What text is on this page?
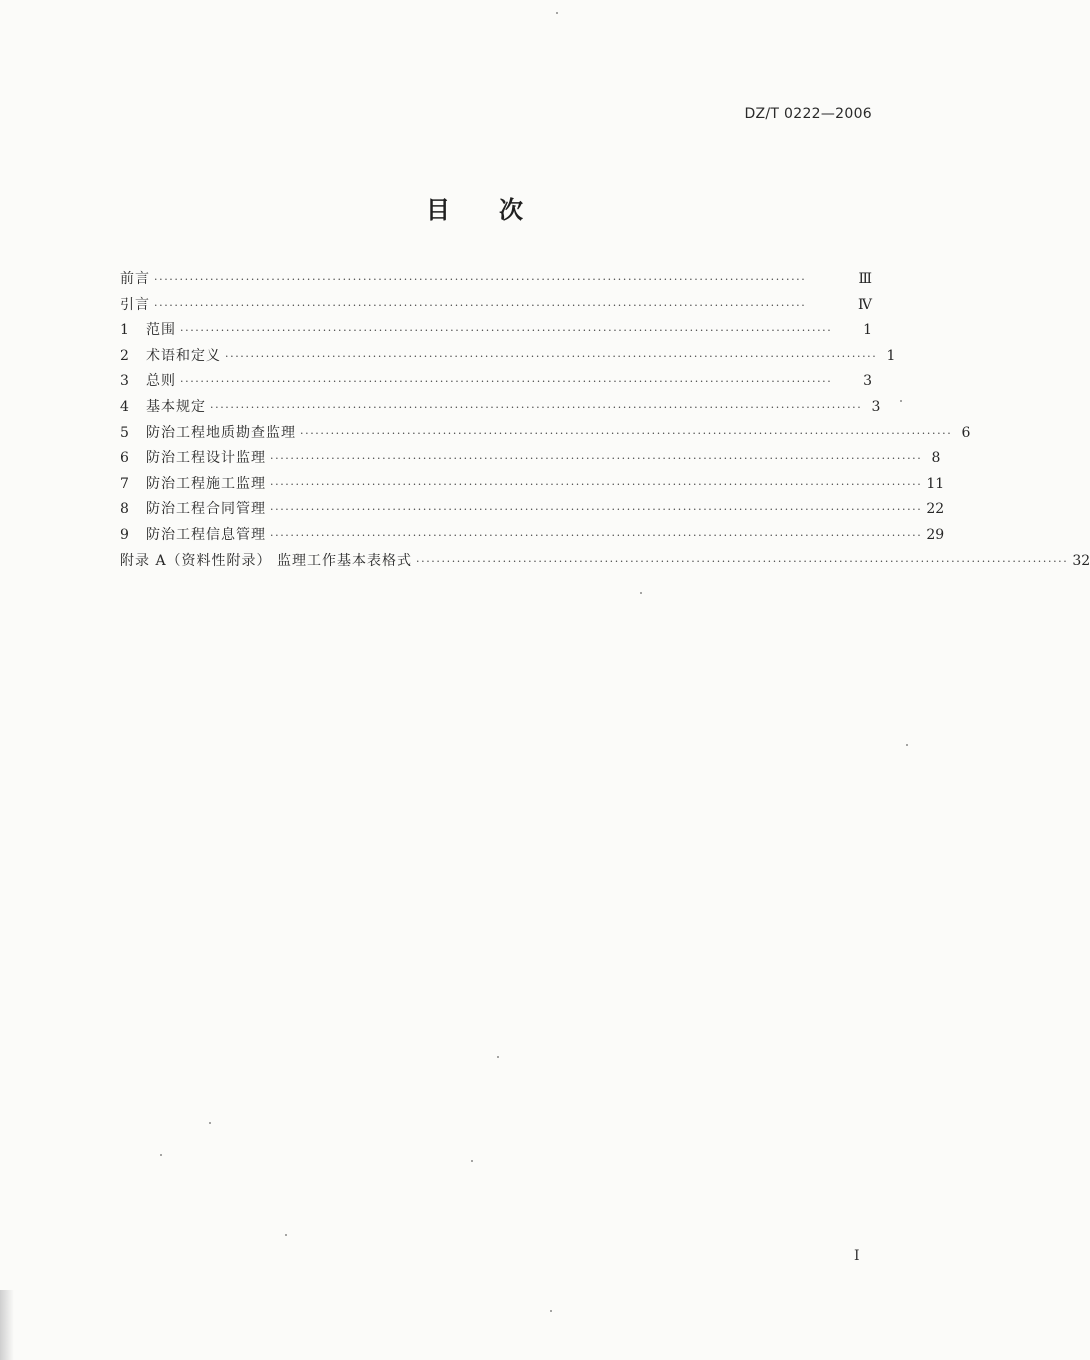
DZ/T 0222—2006
目 次
前言 ································································································································	Ⅲ
引言 ································································································································	Ⅳ
1	范围 ································································································································	1
2	术语和定义 ································································································································ 1
3	总则 ································································································································	3
4	基本规定 ································································································································ 3
5	防治工程地质勘查监理 ································································································································ 6
6	防治工程设计监理 ································································································································ 8
7	防治工程施工监理 ································································································································ 11
8	防治工程合同管理 ································································································································ 22
9	防治工程信息管理 ································································································································ 29
附录 A（资料性附录） 监理工作基本表格式 ································································································································ 32
I
